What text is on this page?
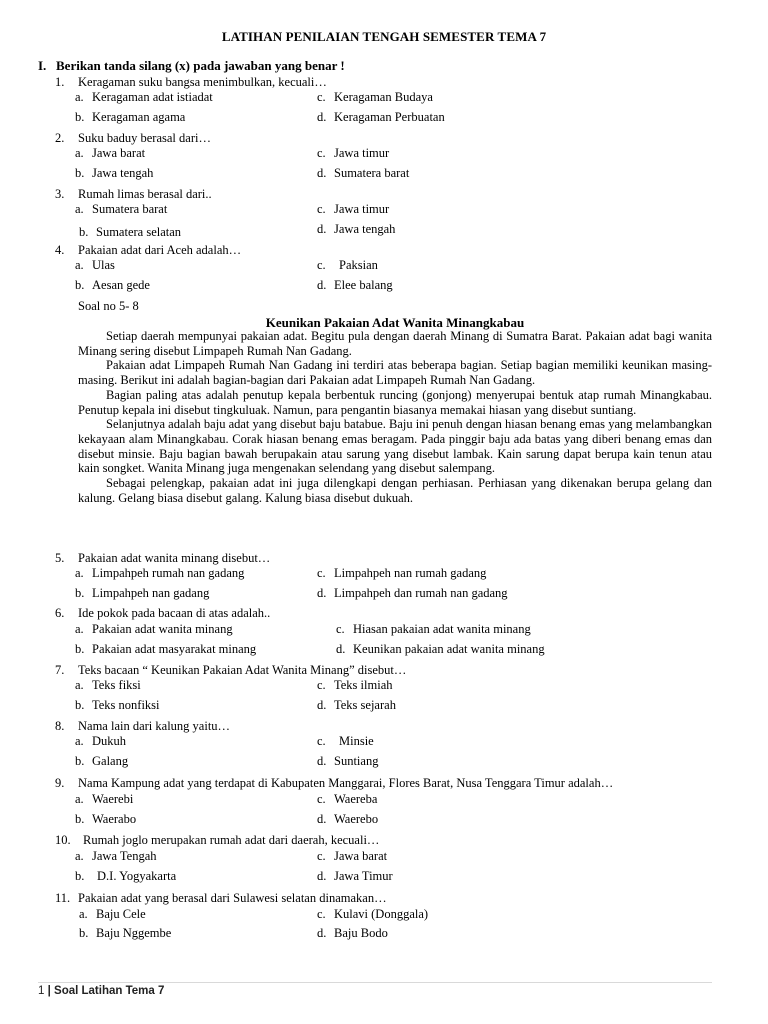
LATIHAN PENILAIAN TENGAH SEMESTER TEMA 7
I. Berikan tanda silang (x) pada jawaban yang benar !
1. Keragaman suku bangsa menimbulkan, kecuali…
a. Keragaman adat istiadat	c. Keragaman Budaya
b. Keragaman agama	d. Keragaman Perbuatan
2. Suku baduy berasal dari…
a. Jawa barat	c. Jawa timur
b. Jawa tengah	d. Sumatera barat
3. Rumah limas berasal dari..
a. Sumatera barat	c. Jawa timur
b. Sumatera selatan	d. Jawa tengah
4. Pakaian adat dari Aceh adalah…
a. Ulas	c. Paksian
b. Aesan gede	d. Elee balang
Soal no 5- 8
Keunikan Pakaian Adat Wanita Minangkabau

Setiap daerah mempunyai pakaian adat. Begitu pula dengan daerah Minang di Sumatra Barat. Pakaian adat bagi wanita Minang sering disebut Limpapeh Rumah Nan Gadang.

Pakaian adat Limpapeh Rumah Nan Gadang ini terdiri atas beberapa bagian. Setiap bagian memiliki keunikan masing-masing. Berikut ini adalah bagian-bagian dari Pakaian adat Limpapeh Rumah Nan Gadang.

Bagian paling atas adalah penutup kepala berbentuk runcing (gonjong) menyerupai bentuk atap rumah Minangkabau. Penutup kepala ini disebut tingkuluak. Namun, para pengantin biasanya memakai hiasan yang disebut suntiang.

Selanjutnya adalah baju adat yang disebut baju batabue. Baju ini penuh dengan hiasan benang emas yang melambangkan kekayaan alam Minangkabau. Corak hiasan benang emas beragam. Pada pinggir baju ada batas yang diberi benang emas dan disebut minsie. Baju bagian bawah berupakain atau sarung yang disebut lambak. Kain sarung dapat berupa kain tenun atau kain songket. Wanita Minang juga mengenakan selendang yang disebut salempang.

Sebagai pelengkap, pakaian adat ini juga dilengkapi dengan perhiasan. Perhiasan yang dikenakan berupa gelang dan kalung. Gelang biasa disebut galang. Kalung biasa disebut dukuah.

5. Pakaian adat wanita minang disebut…
a. Limpahpeh rumah nan gadang	c. Limpahpeh nan rumah gadang
b. Limpahpeh nan gadang	d. Limpahpeh dan rumah nan gadang
6. Ide pokok pada bacaan di atas adalah..
a. Pakaian adat wanita minang	c. Hiasan pakaian adat wanita minang
b. Pakaian adat masyarakat minang	d. Keunikan pakaian adat wanita minang
7. Teks bacaan “ Keunikan Pakaian Adat Wanita Minang” disebut…
a. Teks fiksi	c. Teks ilmiah
b. Teks nonfiksi	d. Teks sejarah
8. Nama lain dari kalung yaitu…
a. Dukuh	c. Minsie
b. Galang	d. Suntiang
9. Nama Kampung adat yang terdapat di Kabupaten Manggarai, Flores Barat, Nusa Tenggara Timur adalah…
a. Waerebi	c. Waereba
b. Waerabo	d. Waerebo
10. Rumah joglo merupakan rumah adat dari daerah, kecuali…
a. Jawa Tengah	c. Jawa barat
b. D.I. Yogyakarta	d. Jawa Timur
11. Pakaian adat yang berasal dari Sulawesi selatan dinamakan…
a. Baju Cele	c. Kulavi (Donggala)
b. Baju Nggembe	d. Baju Bodo
1 | Soal Latihan Tema 7
